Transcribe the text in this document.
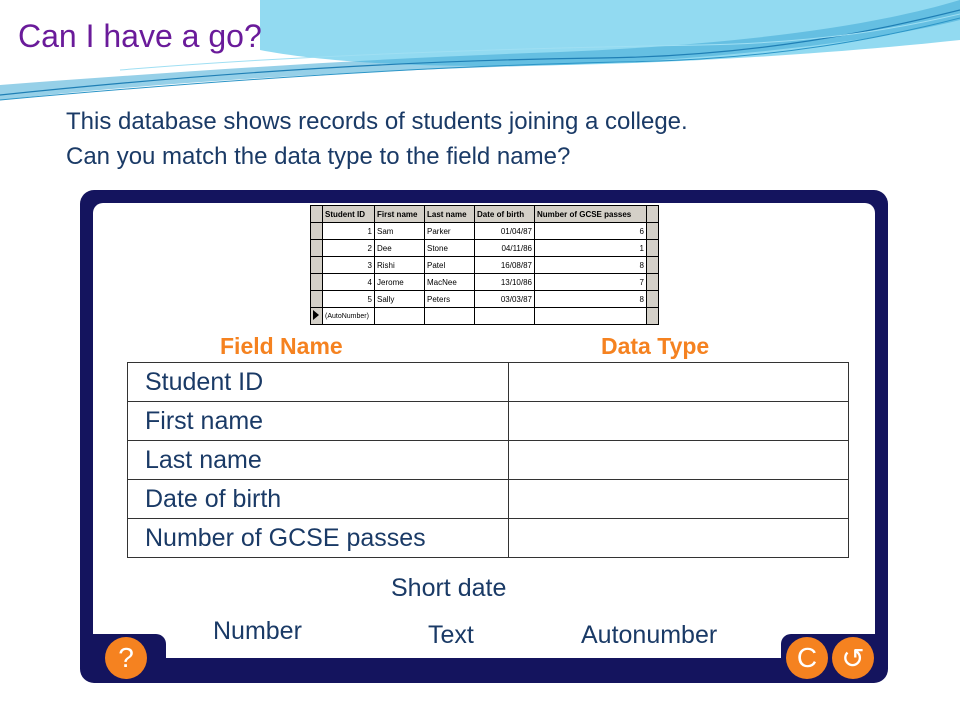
Can I have a go?
This database shows records of students joining a college.
Can you match the data type to the field name?
	Student ID	First name	Last name	Date of birth	Number of GCSE passes	
	1	Sam	Parker	01/04/87	6	
	2	Dee	Stone	04/11/86	1	
	3	Rishi	Patel	16/08/87	8	
	4	Jerome	MacNee	13/10/86	7	
	5	Sally	Peters	03/03/87	8	
	(AutoNumber)					
Field Name	Data Type
Student ID	
First name	
Last name	
Date of birth	
Number of GCSE passes	
Short date
Number	Text	Autonumber
?	C ↺
